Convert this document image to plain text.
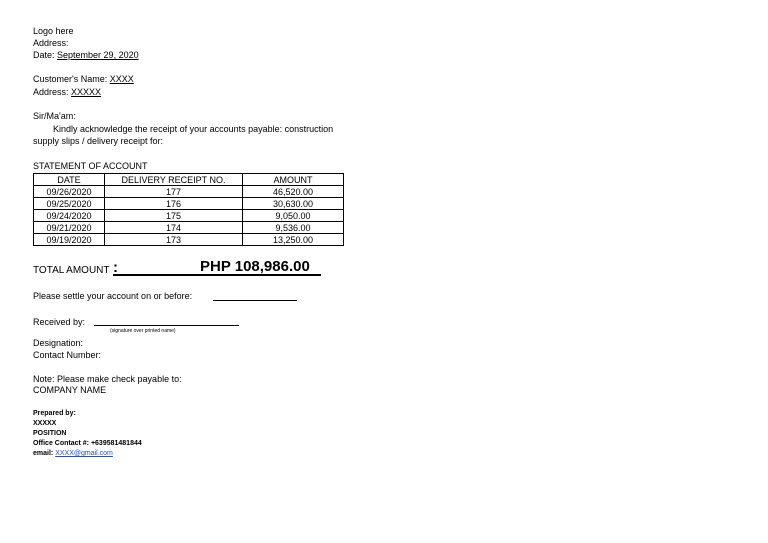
Logo here
Address:
Date: September 29, 2020
Customer's Name: XXXX
Address: XXXXX
Sir/Ma'am:
Kindly acknowledge the receipt of your accounts payable: construction
supply slips / delivery receipt for:
STATEMENT OF ACCOUNT
DATE	DELIVERY RECEIPT NO.	AMOUNT
09/26/2020	177	46,520.00
09/25/2020	176	30,630.00
09/24/2020	175	9,050.00
09/21/2020	174	9,536.00
09/19/2020	173	13,250.00
TOTAL AMOUNT :	PHP 108,986.00
Please settle your account on or before:
Received by:
(signature over printed name)
Designation:
Contact Number:
Note: Please make check payable to:
COMPANY NAME
Prepared by:
XXXXX
POSITION
Office Contact #: +639581481844
email: XXXX@gmail.com
